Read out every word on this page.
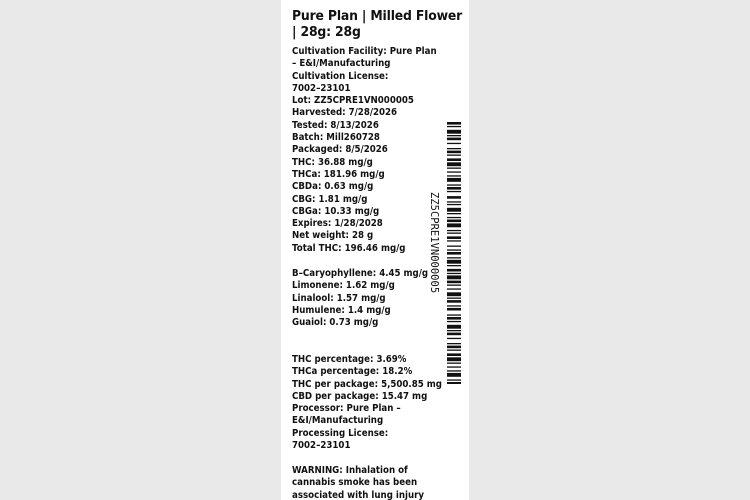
Pure Plan | Milled Flower | 28g: 28g
Cultivation Facility: Pure Plan
– E&I/Manufacturing
Cultivation License:
7002–23101
Lot: ZZ5CPRE1VN000005
Harvested: 7/28/2026
Tested: 8/13/2026
Batch: Mill260728
Packaged: 8/5/2026
THC: 36.88 mg/g
THCa: 181.96 mg/g
CBDa: 0.63 mg/g
CBG: 1.81 mg/g
CBGa: 10.33 mg/g
Expires: 1/28/2028
Net weight: 28 g
Total THC: 196.46 mg/g
B–Caryophyllene: 4.45 mg/g
Limonene: 1.62 mg/g
Linalool: 1.57 mg/g
Humulene: 1.4 mg/g
Guaiol: 0.73 mg/g
THC percentage: 3.69%
THCa percentage: 18.2%
THC per package: 5,500.85 mg
CBD per package: 15.47 mg
Processor: Pure Plan –
E&I/Manufacturing
Processing License:
7002–23101
WARNING: Inhalation of
cannabis smoke has been
associated with lung injury
ZZ5CPRE1VN000005
